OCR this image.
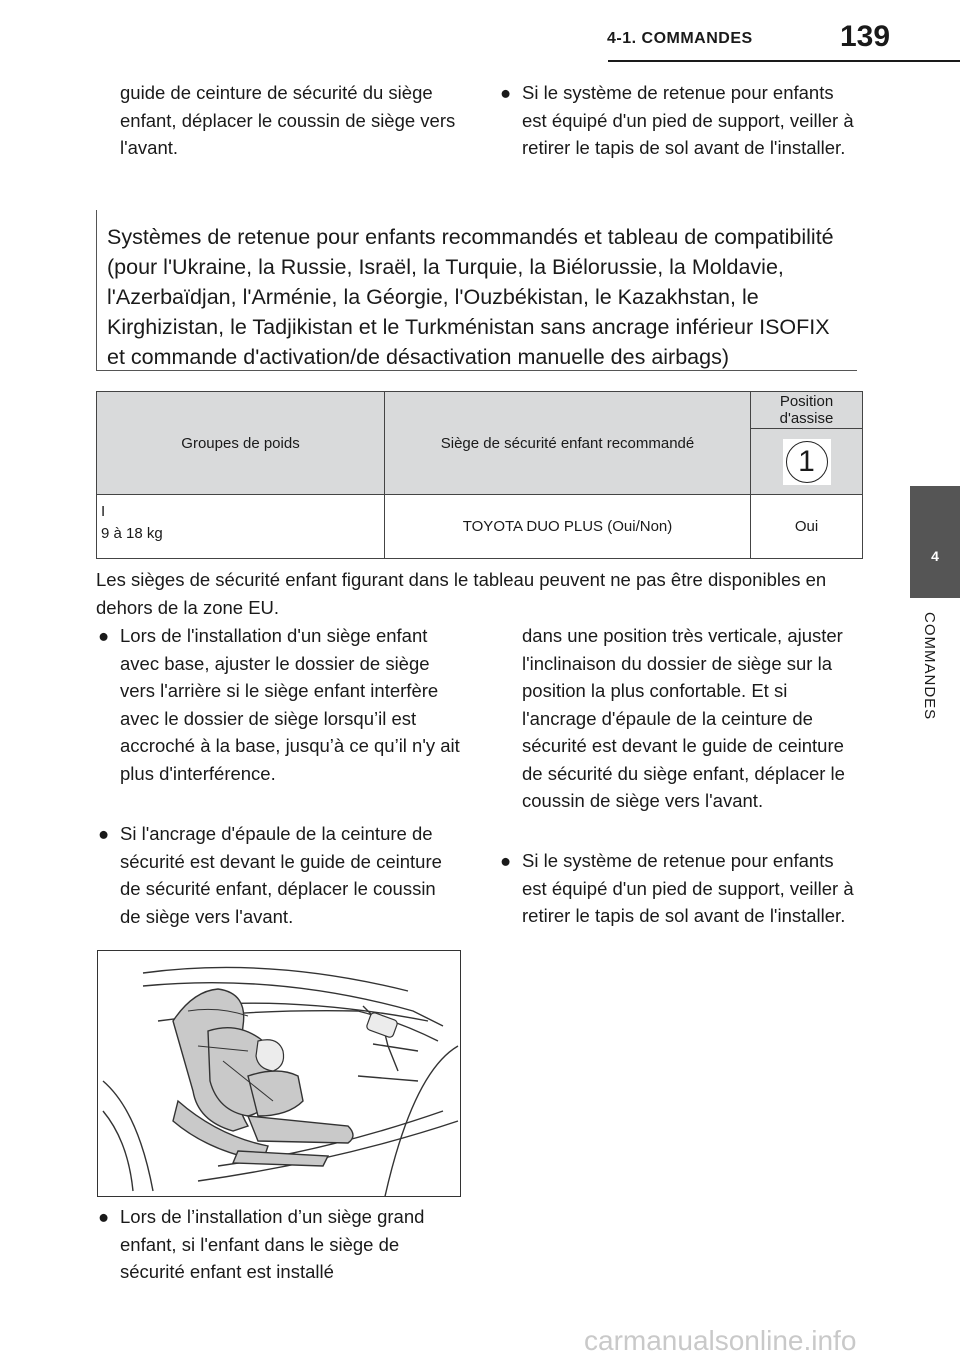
4-1. COMMANDES	139
4
COMMANDES
guide de ceinture de sécurité du siège enfant, déplacer le coussin de siège vers l'avant.
● Si le système de retenue pour enfants est équipé d'un pied de support, veiller à retirer le tapis de sol avant de l'installer.
Systèmes de retenue pour enfants recommandés et tableau de compatibilité (pour l'Ukraine, la Russie, Israël, la Turquie, la Biélorussie, la Moldavie, l'Azerbaïdjan, l'Arménie, la Géorgie, l'Ouzbékistan, le Kazakhstan, le Kirghizistan, le Tadjikistan et le Turkménistan sans ancrage inférieur ISOFIX et commande d'activation/de désactivation manuelle des airbags)
Groupes de poids	Siège de sécurité enfant recommandé	Position d'assise
		1

I
9 à 18 kg	TOYOTA DUO PLUS (Oui/Non)	Oui
Les sièges de sécurité enfant figurant dans le tableau peuvent ne pas être disponibles en dehors de la zone EU.
● Lors de l'installation d'un siège enfant avec base, ajuster le dossier de siège vers l'arrière si le siège enfant interfère avec le dossier de siège lorsqu’il est accroché à la base, jusqu’à ce qu’il n'y ait plus d'interférence.
● Si l'ancrage d'épaule de la ceinture de sécurité est devant le guide de ceinture de sécurité enfant, déplacer le coussin de siège vers l'avant.
● Lors de l’installation d’un siège grand enfant, si l'enfant dans le siège de sécurité enfant est installé
dans une position très verticale, ajuster l'inclinaison du dossier de siège sur la position la plus confortable. Et si l'ancrage d'épaule de la ceinture de sécurité est devant le guide de ceinture de sécurité du siège enfant, déplacer le coussin de siège vers l'avant.
● Si le système de retenue pour enfants est équipé d'un pied de support, veiller à retirer le tapis de sol avant de l'installer.
carmanualsonline.info
